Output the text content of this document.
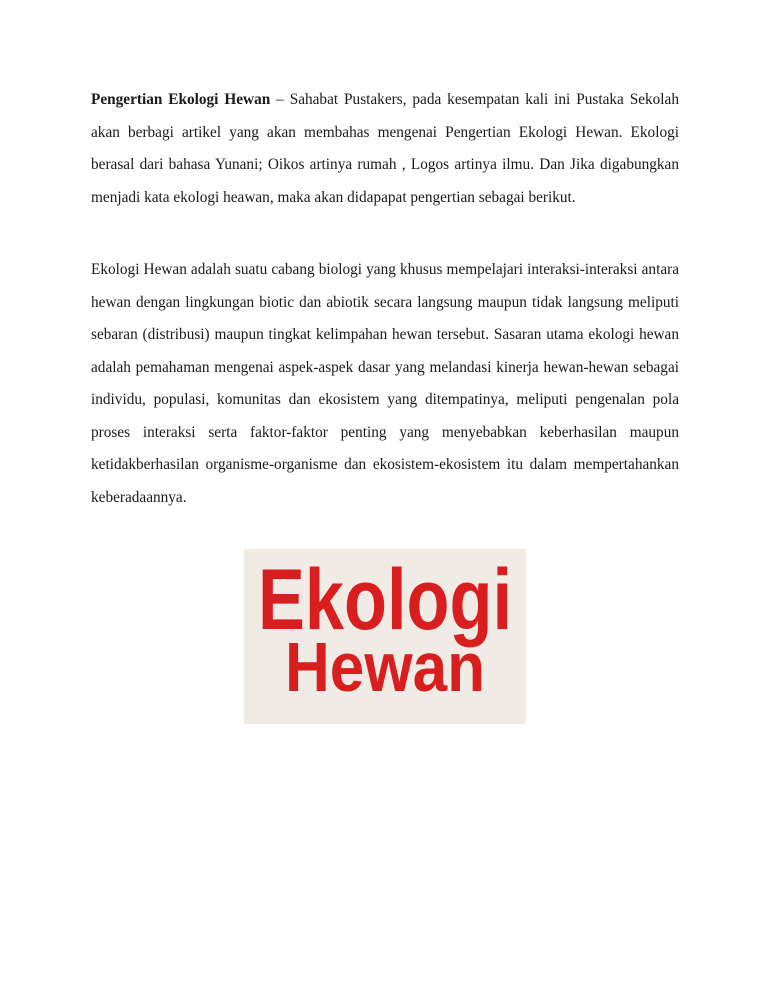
Pengertian Ekologi Hewan – Sahabat Pustakers, pada kesempatan kali ini Pustaka Sekolah akan berbagi artikel yang akan membahas mengenai Pengertian Ekologi Hewan. Ekologi berasal dari bahasa Yunani; Oikos artinya rumah , Logos artinya ilmu. Dan Jika digabungkan menjadi kata ekologi heawan, maka akan didapapat pengertian sebagai berikut.

Ekologi Hewan adalah suatu cabang biologi yang khusus mempelajari interaksi-interaksi antara hewan dengan lingkungan biotic dan abiotik secara langsung maupun tidak langsung meliputi sebaran (distribusi) maupun tingkat kelimpahan hewan tersebut. Sasaran utama ekologi hewan adalah pemahaman mengenai aspek-aspek dasar yang melandasi kinerja hewan-hewan sebagai individu, populasi, komunitas dan ekosistem yang ditempatinya, meliputi pengenalan pola proses interaksi serta faktor-faktor penting yang menyebabkan keberhasilan maupun ketidakberhasilan organisme-organisme dan ekosistem-ekosistem itu dalam mempertahankan keberadaannya.

Ekologi
Hewan
